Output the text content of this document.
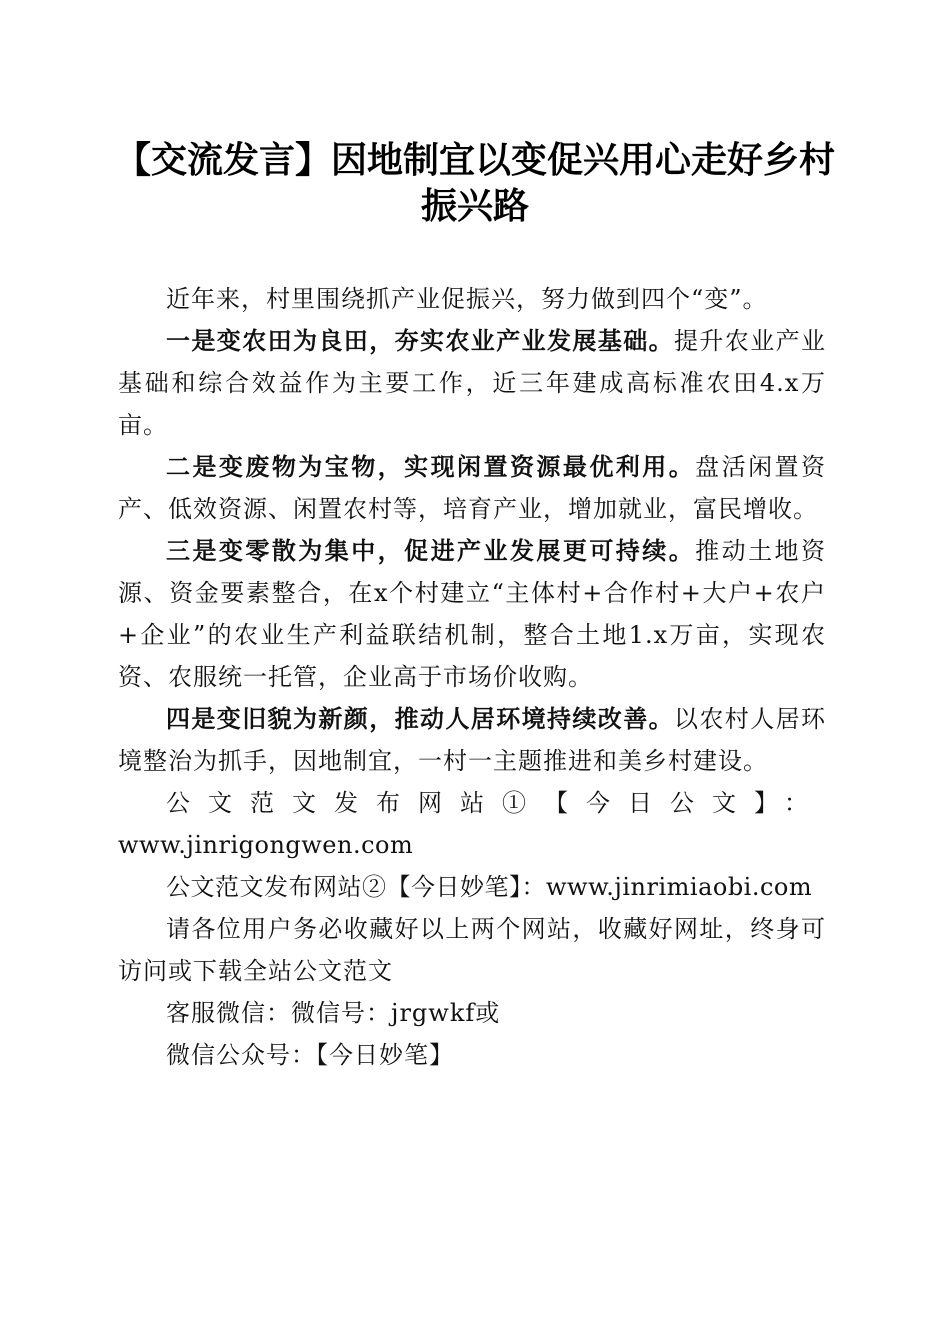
【交流发言】因地制宜以变促兴用心走好乡村振兴路

近年来，村里围绕抓产业促振兴，努力做到四个“变”。

一是变农田为良田，夯实农业产业发展基础。提升农业产业基础和综合效益作为主要工作，近三年建成高标准农田4.x万亩。

二是变废物为宝物，实现闲置资源最优利用。盘活闲置资产、低效资源、闲置农村等，培育产业，增加就业，富民增收。

三是变零散为集中，促进产业发展更可持续。推动土地资源、资金要素整合，在x个村建立“主体村+合作村+大户+农户+企业”的农业生产利益联结机制，整合土地1.x万亩，实现农资、农服统一托管，企业高于市场价收购。

四是变旧貌为新颜，推动人居环境持续改善。以农村人居环境整治为抓手，因地制宜，一村一主题推进和美乡村建设。

公文范文发布网站①【今日公文】：www.jinrigongwen.com

公文范文发布网站②【今日妙笔】：www.jinrimiaobi.com

请各位用户务必收藏好以上两个网站，收藏好网址，终身可访问或下载全站公文范文

客服微信：微信号：jrgwkf或

微信公众号：【今日妙笔】
